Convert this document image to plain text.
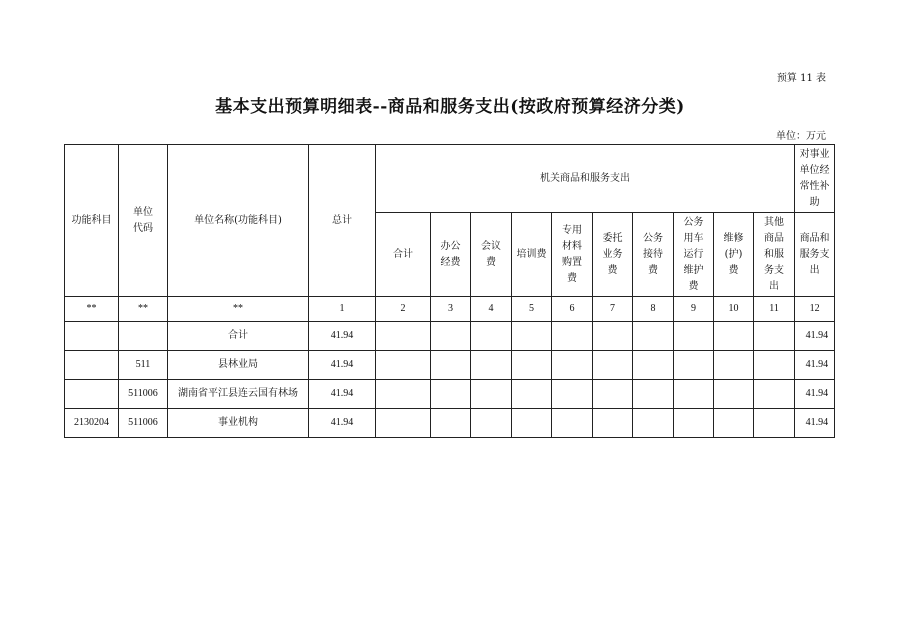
预算 11 表
基本支出预算明细表--商品和服务支出(按政府预算经济分类)
单位：万元
功能科目	单位代码	单位名称(功能科目)	总计	机关商品和服务支出										对事业单位经常性补助
				合计	办公经费	会议费	培训费	专用材料购置费	委托业务费	公务接待费	公务用车运行维护费	维修(护)费	其他商品和服务支出	商品和服务支出
**	**	**	1	2	3	4	5	6	7	8	9	10	11	12
		合计	41.94											41.94
	511	县林业局	41.94											41.94
	511006	湖南省平江县连云国有林场	41.94											41.94
2130204	511006	事业机构	41.94											41.94
